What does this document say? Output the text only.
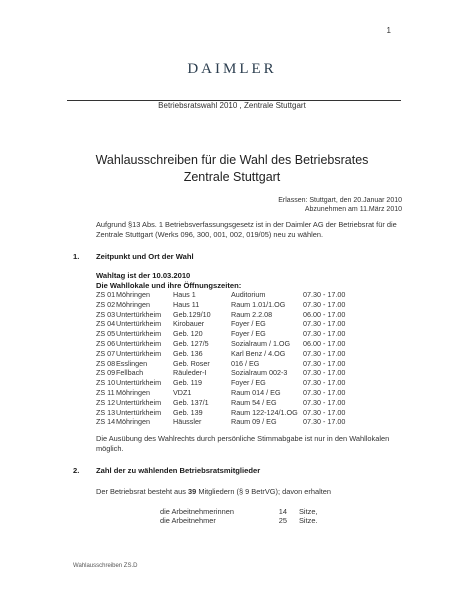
1
DAIMLER
Betriebsratswahl 2010 , Zentrale Stuttgart
Wahlausschreiben für die Wahl des Betriebsrates
Zentrale Stuttgart
Erlassen: Stuttgart, den 20.Januar 2010
Abzunehmen am 11.März 2010
Aufgrund §13 Abs. 1 Betriebsverfassungsgesetz ist in der Daimler AG der Betriebsrat für die Zentrale Stuttgart (Werks 096, 300, 001, 002, 019/05) neu zu wählen.
1. Zeitpunkt und Ort der Wahl
Wahltag ist der 10.03.2010
Die Wahllokale und ihre Öffnungszeiten:
ZS 01 Möhringen	Haus 1	Auditorium	07.30 - 17.00
ZS 02 Möhringen	Haus 11	Raum 1.01/1.OG 07.30 - 17.00
ZS 03 Untertürkheim Geb.129/10	Raum 2.2.08	06.00 - 17.00
ZS 04 Untertürkheim Kirobauer	Foyer / EG	07.30 - 17.00
ZS 05 Untertürkheim Geb. 120	Foyer / EG	07.30 - 17.00
ZS 06 Untertürkheim Geb. 127/5	Sozialraum / 1.OG 06.00 - 17.00
ZS 07 Untertürkheim Geb. 136	Karl Benz / 4.OG 07.30 - 17.00
ZS 08 Esslingen	Geb. Roser	016 / EG	07.30 - 17.00
ZS 09 Fellbach	Räuleder-I	Sozialraum 002-3 07.30 - 17.00
ZS 10 Untertürkheim Geb. 119	Foyer / EG	07.30 - 17.00
ZS 11 Möhringen	VDZ1	Raum 014 / EG	07.30 - 17.00
ZS 12 Untertürkheim Geb. 137/1	Raum 54 / EG	07.30 - 17.00
ZS 13 Untertürkheim Geb. 139	Raum 122-124/1.OG 07.30 - 17.00
ZS 14 Möhringen	Häussler	Raum 09 / EG	07.30 - 17.00
Die Ausübung des Wahlrechts durch persönliche Stimmabgabe ist nur in den Wahllokalen möglich.
2. Zahl der zu wählenden Betriebsratsmitglieder
Der Betriebsrat besteht aus 39 Mitgliedern (§ 9 BetrVG); davon erhalten
die Arbeitnehmerinnen	14 Sitze,
die Arbeitnehmer	25 Sitze.
Wahlausschreiben ZS.D
